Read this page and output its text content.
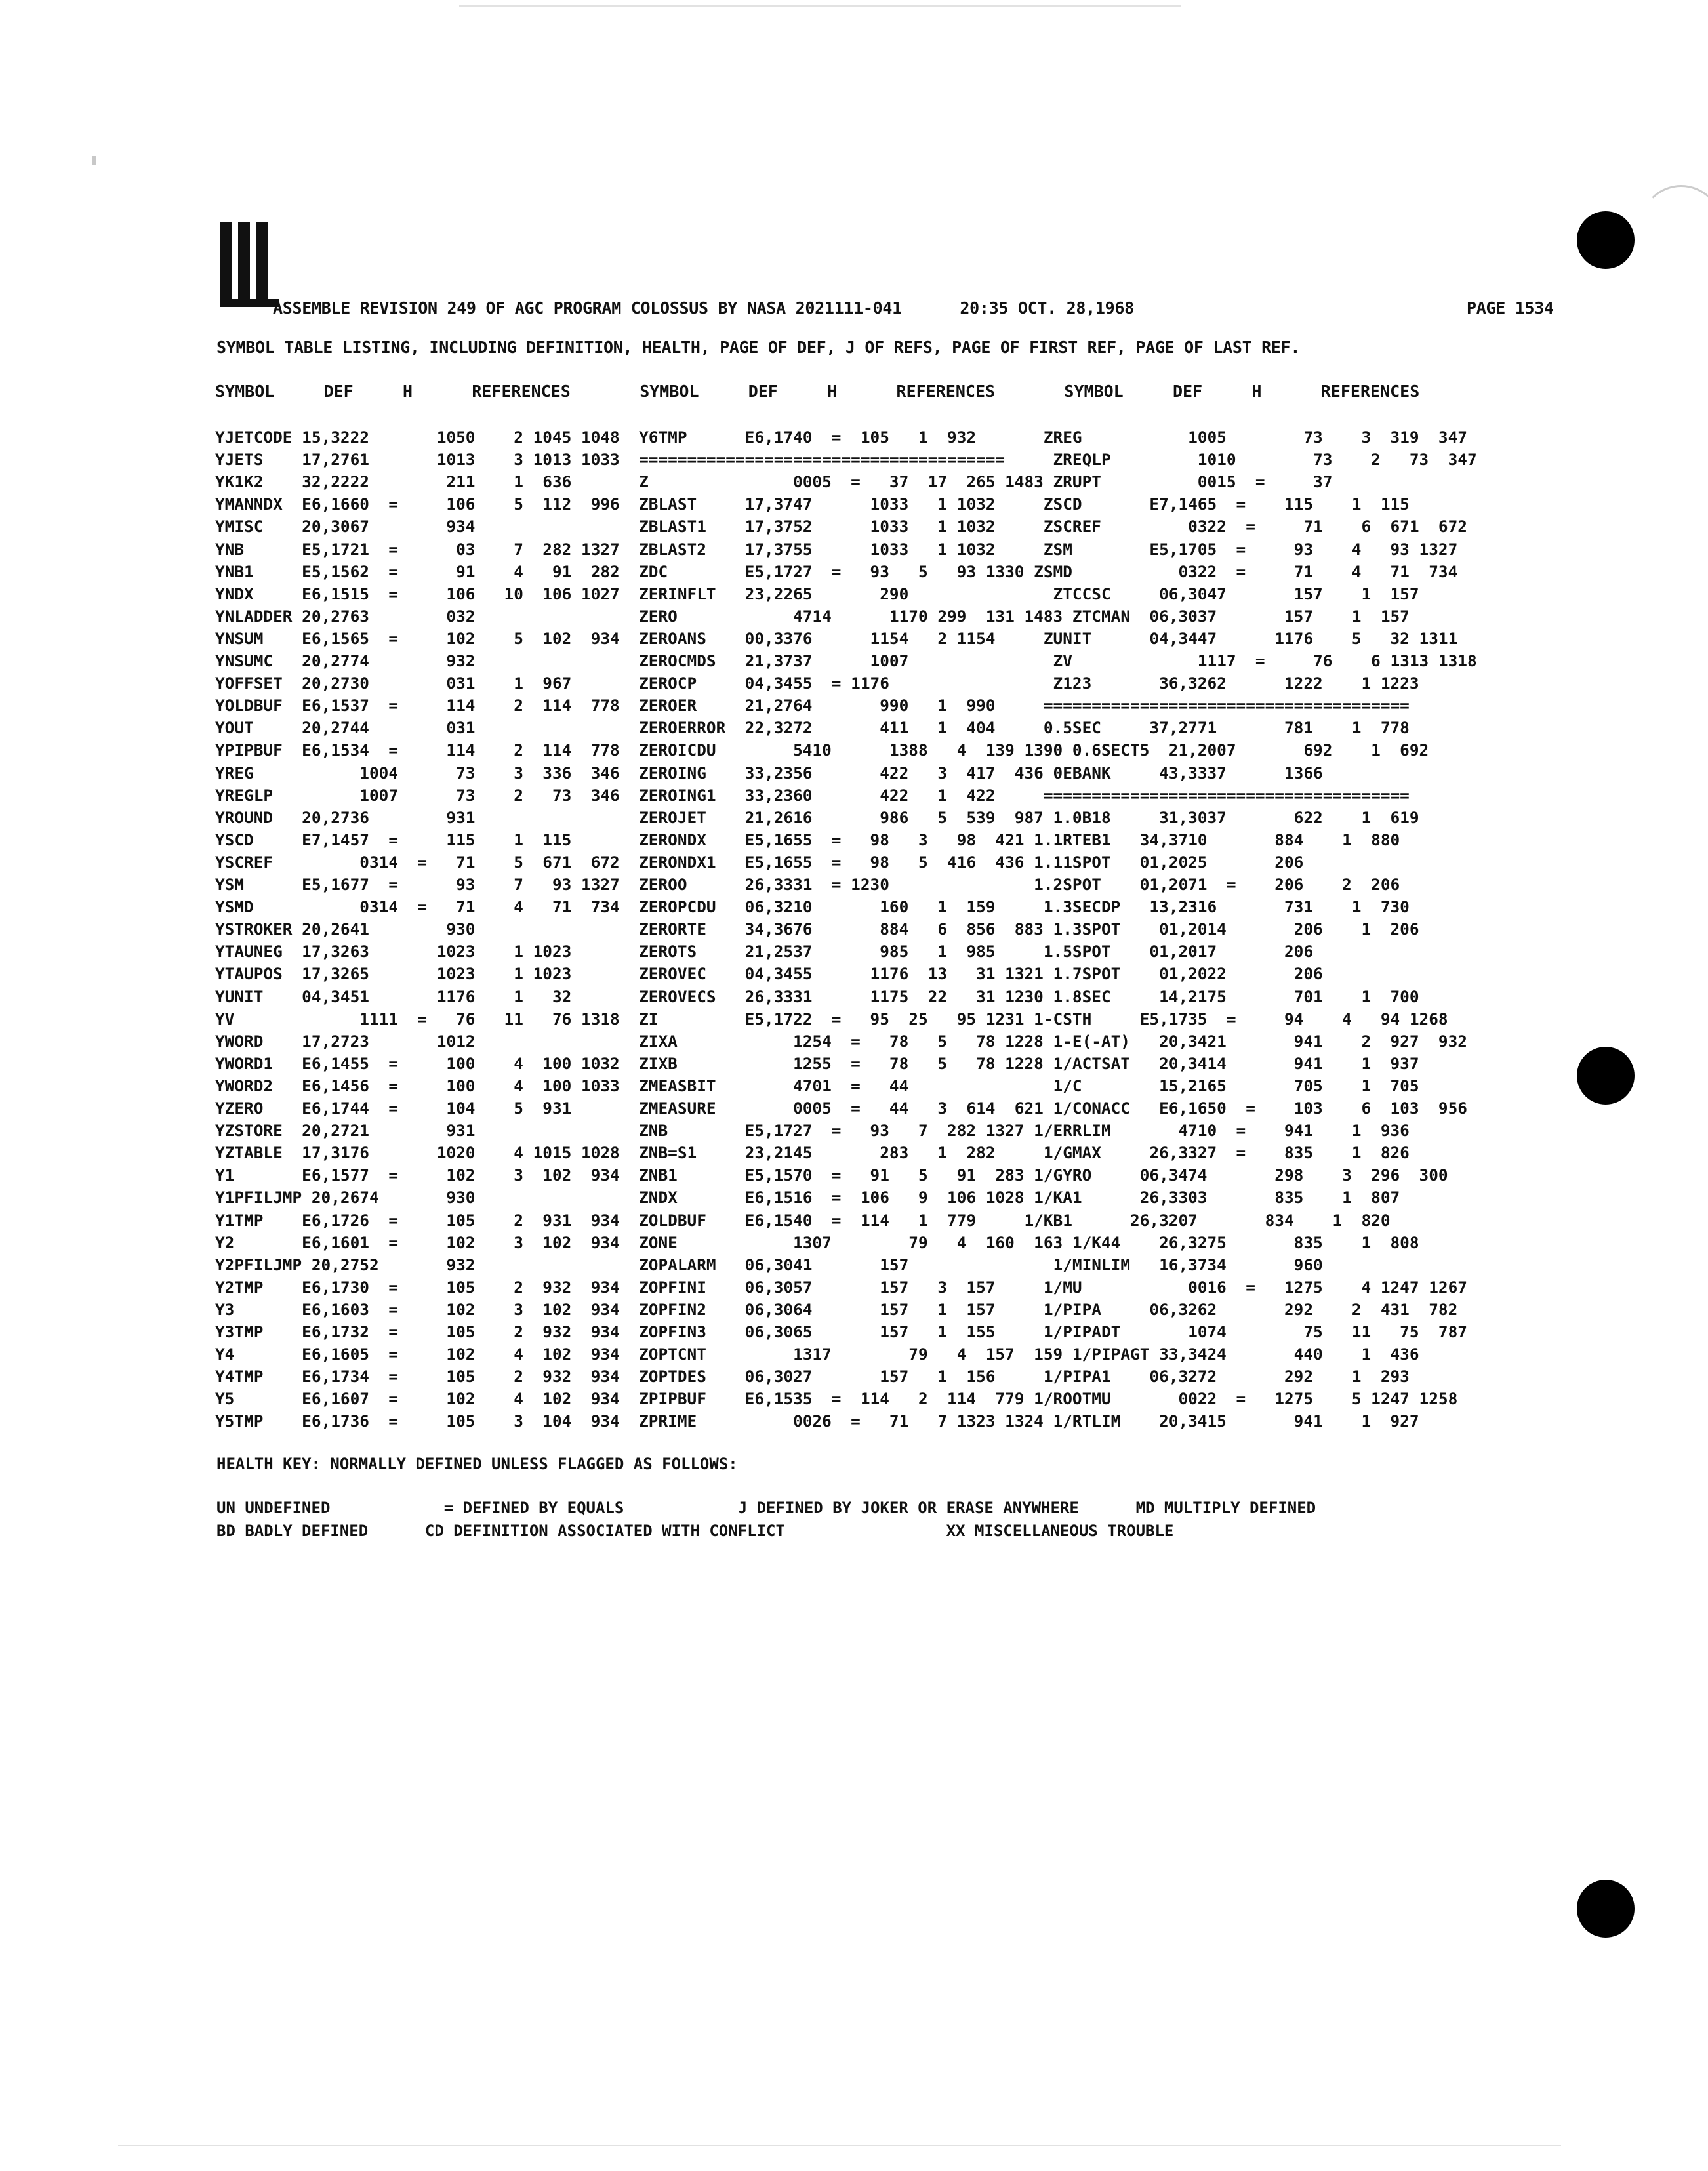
ASSEMBLE REVISION 249 OF AGC PROGRAM COLOSSUS BY NASA 2021111-041      20:35 OCT. 28,1968	PAGE 1534
SYMBOL TABLE LISTING, INCLUDING DEFINITION, HEALTH, PAGE OF DEF, J OF REFS, PAGE OF FIRST REF, PAGE OF LAST REF.
SYMBOL     DEF     H      REFERENCES       SYMBOL     DEF     H      REFERENCES       SYMBOL     DEF     H      REFERENCES
YJETCODE 15,3222       1050    2 1045 1048  Y6TMP      E6,1740  =  105   1  932       ZREG           1005        73    3  319  347
YJETS    17,2761       1013    3 1013 1033  ======================================     ZREQLP         1010        73    2   73  347
YK1K2    32,2222        211    1  636       Z               0005  =   37  17  265 1483 ZRUPT          0015  =     37
YMANNDX  E6,1660  =     106    5  112  996  ZBLAST     17,3747      1033   1 1032     ZSCD       E7,1465  =    115    1  115
YMISC    20,3067        934                 ZBLAST1    17,3752      1033   1 1032     ZSCREF         0322  =     71    6  671  672
YNB      E5,1721  =      03    7  282 1327  ZBLAST2    17,3755      1033   1 1032     ZSM        E5,1705  =     93    4   93 1327
YNB1     E5,1562  =      91    4   91  282  ZDC        E5,1727  =   93   5   93 1330 ZSMD           0322  =     71    4   71  734
YNDX     E6,1515  =     106   10  106 1027  ZERINFLT   23,2265       290               ZTCCSC     06,3047       157    1  157
YNLADDER 20,2763        032                 ZERO            4714      1170 299  131 1483 ZTCMAN  06,3037       157    1  157
YNSUM    E6,1565  =     102    5  102  934  ZEROANS    00,3376      1154   2 1154     ZUNIT      04,3447      1176    5   32 1311
YNSUMC   20,2774        932                 ZEROCMDS   21,3737      1007               ZV             1117  =     76    6 1313 1318
YOFFSET  20,2730        031    1  967       ZEROCP     04,3455  = 1176                 Z123       36,3262      1222    1 1223
YOLDBUF  E6,1537  =     114    2  114  778  ZEROER     21,2764       990   1  990     ======================================
YOUT     20,2744        031                 ZEROERROR  22,3272       411   1  404     0.5SEC     37,2771       781    1  778
YPIPBUF  E6,1534  =     114    2  114  778  ZEROICDU        5410      1388   4  139 1390 0.6SECT5  21,2007       692    1  692
YREG           1004      73    3  336  346  ZEROING    33,2356       422   3  417  436 0EBANK     43,3337      1366
YREGLP         1007      73    2   73  346  ZEROING1   33,2360       422   1  422     ======================================
YROUND   20,2736        931                 ZEROJET    21,2616       986   5  539  987 1.0B18     31,3037       622    1  619
YSCD     E7,1457  =     115    1  115       ZERONDX    E5,1655  =   98   3   98  421 1.1RTEB1   34,3710       884    1  880
YSCREF         0314  =   71    5  671  672  ZERONDX1   E5,1655  =   98   5  416  436 1.11SPOT   01,2025       206
YSM      E5,1677  =      93    7   93 1327  ZEROO      26,3331  = 1230               1.2SPOT    01,2071  =    206    2  206
YSMD           0314  =   71    4   71  734  ZEROPCDU   06,3210       160   1  159     1.3SECDP   13,2316       731    1  730
YSTROKER 20,2641        930                 ZERORTE    34,3676       884   6  856  883 1.3SPOT    01,2014       206    1  206
YTAUNEG  17,3263       1023    1 1023       ZEROTS     21,2537       985   1  985     1.5SPOT    01,2017       206
YTAUPOS  17,3265       1023    1 1023       ZEROVEC    04,3455      1176  13   31 1321 1.7SPOT    01,2022       206
YUNIT    04,3451       1176    1   32       ZEROVECS   26,3331      1175  22   31 1230 1.8SEC     14,2175       701    1  700
YV             1111  =   76   11   76 1318  ZI         E5,1722  =   95  25   95 1231 1-CSTH     E5,1735  =     94    4   94 1268
YWORD    17,2723       1012                 ZIXA            1254  =   78   5   78 1228 1-E(-AT)   20,3421       941    2  927  932
YWORD1   E6,1455  =     100    4  100 1032  ZIXB            1255  =   78   5   78 1228 1/ACTSAT   20,3414       941    1  937
YWORD2   E6,1456  =     100    4  100 1033  ZMEASBIT        4701  =   44               1/C        15,2165       705    1  705
YZERO    E6,1744  =     104    5  931       ZMEASURE        0005  =   44   3  614  621 1/CONACC   E6,1650  =    103    6  103  956
YZSTORE  20,2721        931                 ZNB        E5,1727  =   93   7  282 1327 1/ERRLIM       4710  =    941    1  936
YZTABLE  17,3176       1020    4 1015 1028  ZNB=S1     23,2145       283   1  282     1/GMAX     26,3327  =    835    1  826
Y1       E6,1577  =     102    3  102  934  ZNB1       E5,1570  =   91   5   91  283 1/GYRO     06,3474       298    3  296  300
Y1PFILJMP 20,2674       930                 ZNDX       E6,1516  =  106   9  106 1028 1/KA1      26,3303       835    1  807
Y1TMP    E6,1726  =     105    2  931  934  ZOLDBUF    E6,1540  =  114   1  779     1/KB1      26,3207       834    1  820
Y2       E6,1601  =     102    3  102  934  ZONE            1307        79   4  160  163 1/K44    26,3275       835    1  808
Y2PFILJMP 20,2752       932                 ZOPALARM   06,3041       157               1/MINLIM   16,3734       960
Y2TMP    E6,1730  =     105    2  932  934  ZOPFINI    06,3057       157   3  157     1/MU           0016  =   1275    4 1247 1267
Y3       E6,1603  =     102    3  102  934  ZOPFIN2    06,3064       157   1  157     1/PIPA     06,3262       292    2  431  782
Y3TMP    E6,1732  =     105    2  932  934  ZOPFIN3    06,3065       157   1  155     1/PIPADT       1074        75   11   75  787
Y4       E6,1605  =     102    4  102  934  ZOPTCNT         1317        79   4  157  159 1/PIPAGT 33,3424       440    1  436
Y4TMP    E6,1734  =     105    2  932  934  ZOPTDES    06,3027       157   1  156     1/PIPA1    06,3272       292    1  293
Y5       E6,1607  =     102    4  102  934  ZPIPBUF    E6,1535  =  114   2  114  779 1/ROOTMU       0022  =   1275    5 1247 1258
Y5TMP    E6,1736  =     105    3  104  934  ZPRIME          0026  =   71   7 1323 1324 1/RTLIM    20,3415       941    1  927
HEALTH KEY: NORMALLY DEFINED UNLESS FLAGGED AS FOLLOWS:
UN UNDEFINED            = DEFINED BY EQUALS            J DEFINED BY JOKER OR ERASE ANYWHERE      MD MULTIPLY DEFINED
BD BADLY DEFINED      CD DEFINITION ASSOCIATED WITH CONFLICT                 XX MISCELLANEOUS TROUBLE
